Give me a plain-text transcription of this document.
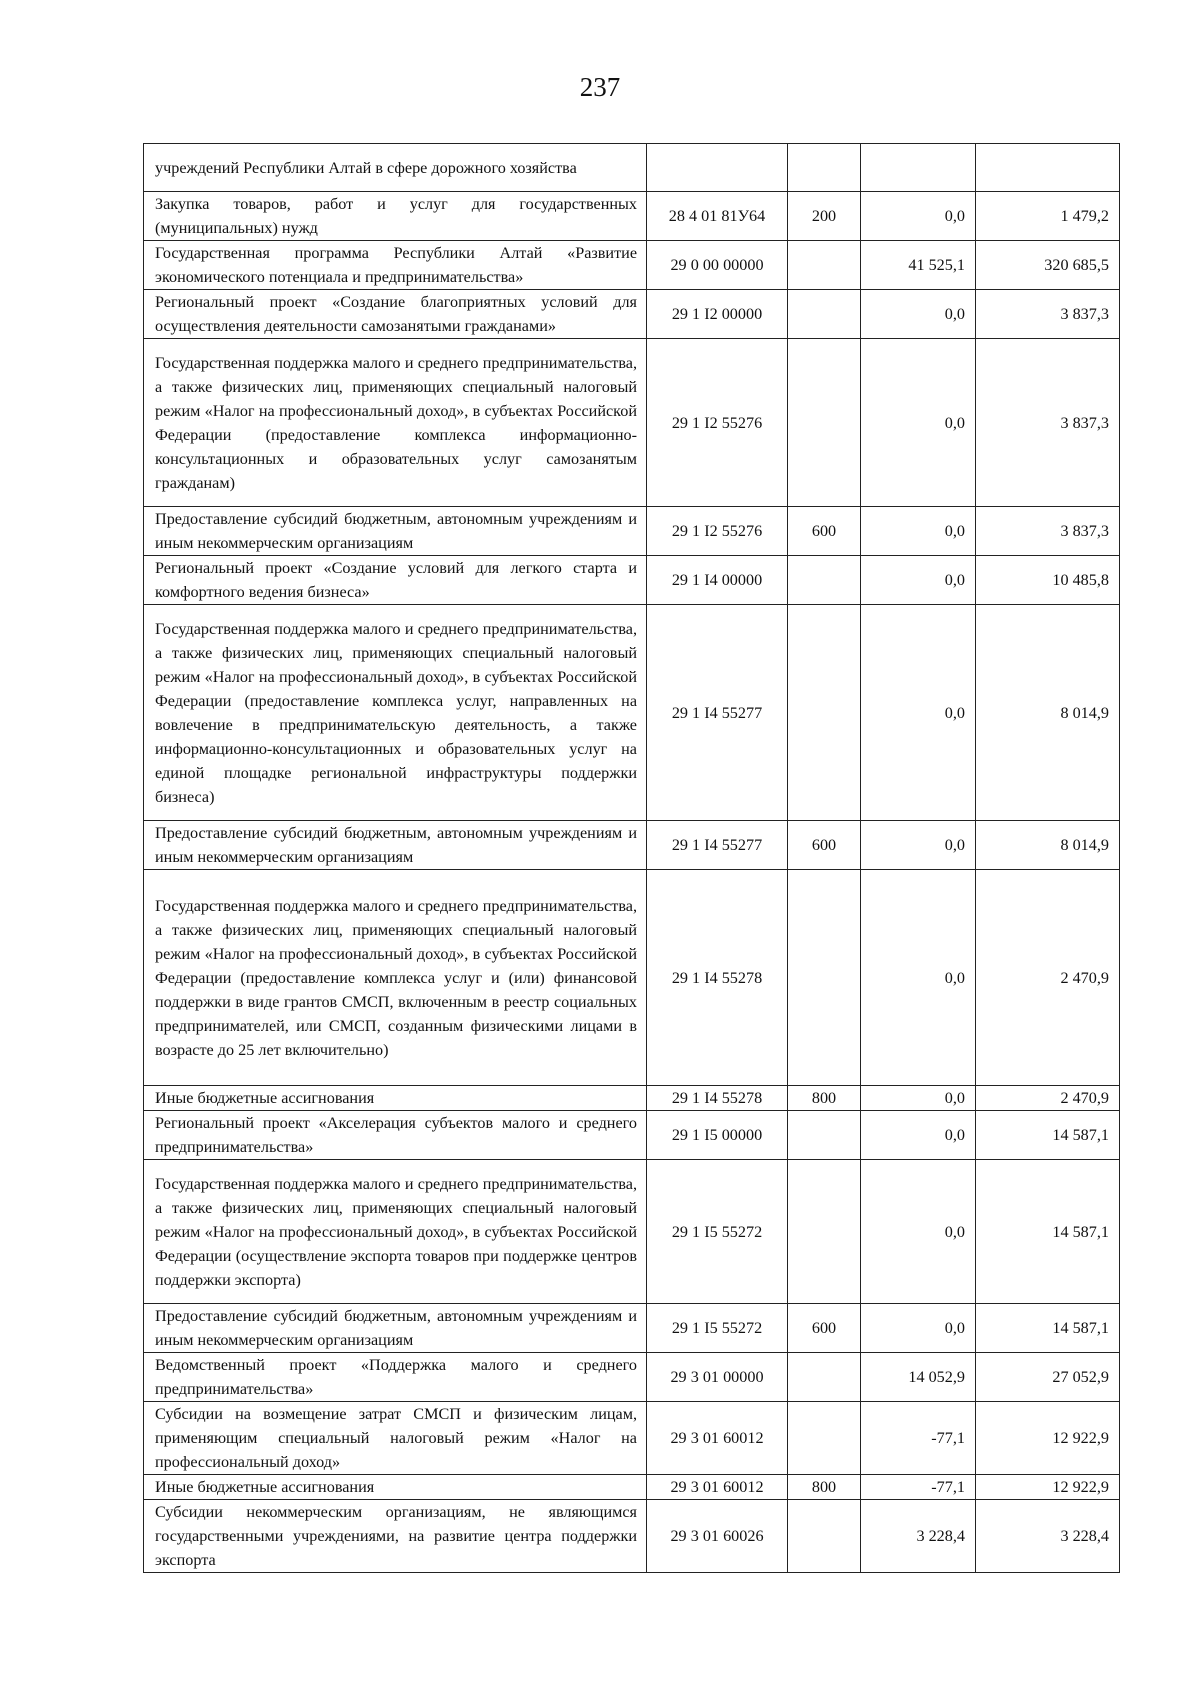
237
учреждений Республики Алтай в сфере дорожного хозяйства				
Закупка товаров, работ и услуг для государственных (муниципальных) нужд	28 4 01 81У64	200	0,0	1 479,2
Государственная программа Республики Алтай «Развитие экономического потенциала и предпринимательства»	29 0 00 00000		41 525,1	320 685,5
Региональный проект «Создание благоприятных условий для осуществления деятельности самозанятыми гражданами»	29 1 I2 00000		0,0	3 837,3
Государственная поддержка малого и среднего предпринимательства, а также физических лиц, применяющих специальный налоговый режим «Налог на профессиональный доход», в субъектах Российской Федерации (предоставление комплекса информационно-консультационных и образовательных услуг самозанятым гражданам)	29 1 I2 55276		0,0	3 837,3
Предоставление субсидий бюджетным, автономным учреждениям и иным некоммерческим организациям	29 1 I2 55276	600	0,0	3 837,3
Региональный проект «Создание условий для легкого старта и комфортного ведения бизнеса»	29 1 I4 00000		0,0	10 485,8
Государственная поддержка малого и среднего предпринимательства, а также физических лиц, применяющих специальный налоговый режим «Налог на профессиональный доход», в субъектах Российской Федерации (предоставление комплекса услуг, направленных на вовлечение в предпринимательскую деятельность, а также информационно-консультационных и образовательных услуг на единой площадке региональной инфраструктуры поддержки бизнеса)	29 1 I4 55277		0,0	8 014,9
Предоставление субсидий бюджетным, автономным учреждениям и иным некоммерческим организациям	29 1 I4 55277	600	0,0	8 014,9
Государственная поддержка малого и среднего предпринимательства, а также физических лиц, применяющих специальный налоговый режим «Налог на профессиональный доход», в субъектах Российской Федерации (предоставление комплекса услуг и (или) финансовой поддержки в виде грантов СМСП, включенным в реестр социальных предпринимателей, или СМСП, созданным физическими лицами в возрасте до 25 лет включительно)	29 1 I4 55278		0,0	2 470,9
Иные бюджетные ассигнования	29 1 I4 55278	800	0,0	2 470,9
Региональный проект «Акселерация субъектов малого и среднего предпринимательства»	29 1 I5 00000		0,0	14 587,1
Государственная поддержка малого и среднего предпринимательства, а также физических лиц, применяющих специальный налоговый режим «Налог на профессиональный доход», в субъектах Российской Федерации (осуществление экспорта товаров при поддержке центров поддержки экспорта)	29 1 I5 55272		0,0	14 587,1
Предоставление субсидий бюджетным, автономным учреждениям и иным некоммерческим организациям	29 1 I5 55272	600	0,0	14 587,1
Ведомственный проект «Поддержка малого и среднего предпринимательства»	29 3 01 00000		14 052,9	27 052,9
Субсидии на возмещение затрат СМСП и физическим лицам, применяющим специальный налоговый режим «Налог на профессиональный доход»	29 3 01 60012		-77,1	12 922,9
Иные бюджетные ассигнования	29 3 01 60012	800	-77,1	12 922,9
Субсидии некоммерческим организациям, не являющимся государственными учреждениями, на развитие центра поддержки экспорта	29 3 01 60026		3 228,4	3 228,4
